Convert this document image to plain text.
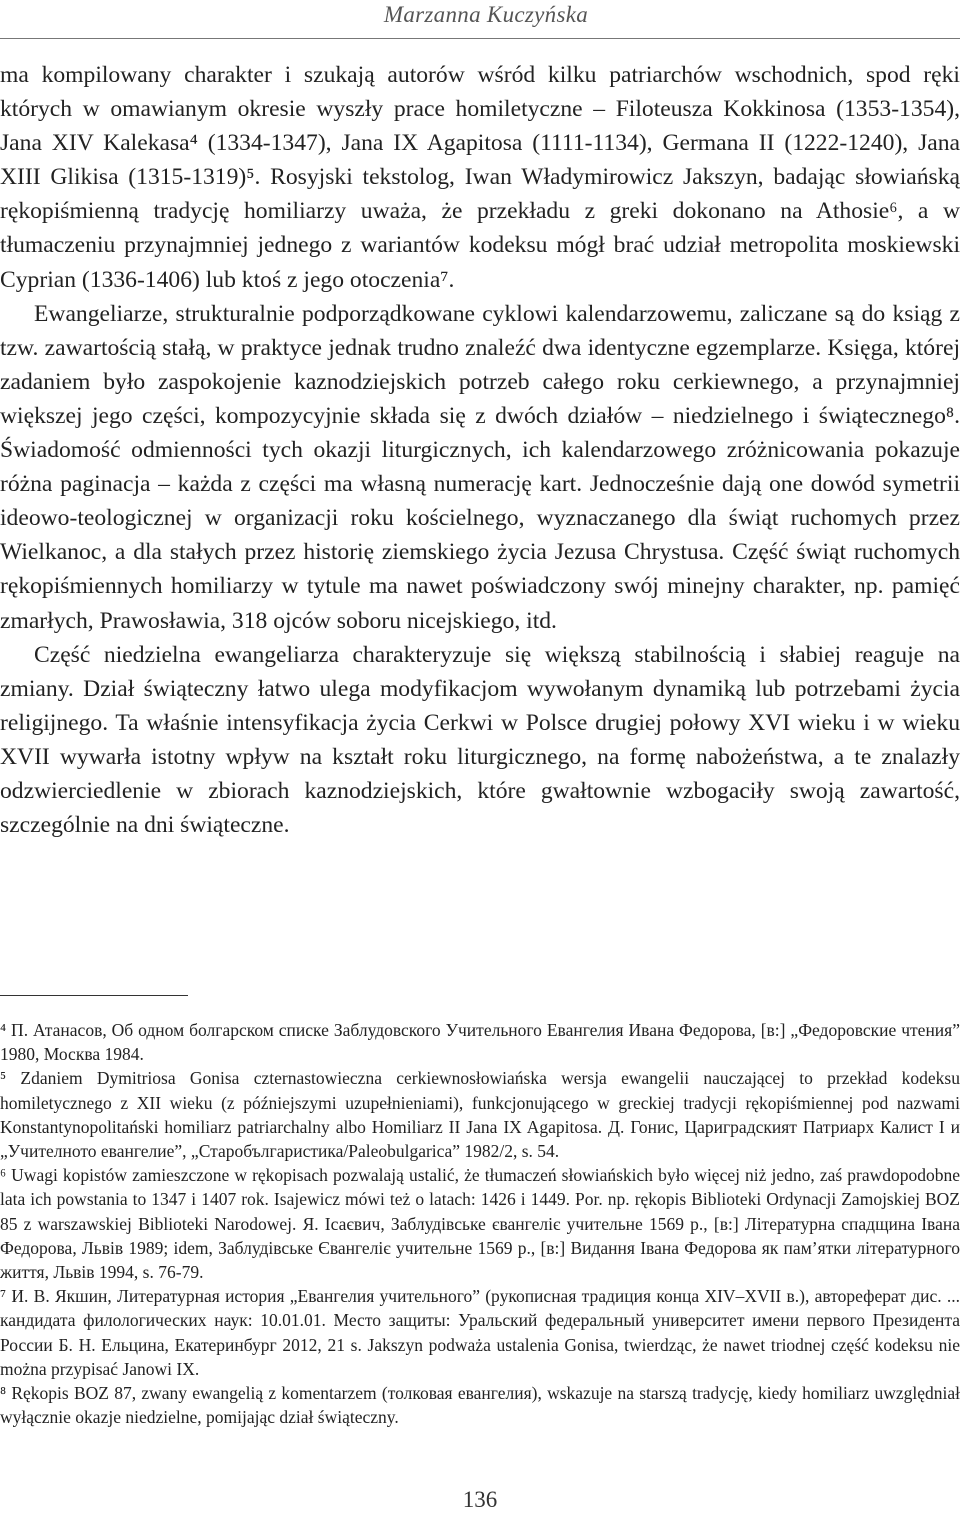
Marzanna Kuczyńska

ma kompilowany charakter i szukają autorów wśród kilku patriarchów wschodnich, spod ręki których w omawianym okresie wyszły prace homiletyczne – Filoteusza Kokkinosa (1353-1354), Jana XIV Kalekasa⁴ (1334-1347), Jana IX Agapitosa (1111-1134), Germana II (1222-1240), Jana XIII Glikisa (1315-1319)⁵. Rosyjski tekstolog, Iwan Władymirowicz Jakszyn, badając słowiańską rękopiśmienną tradycję homiliarzy uważa, że przekładu z greki dokonano na Athosie⁶, a w tłumaczeniu przynajmniej jednego z wariantów kodeksu mógł brać udział metropolita moskiewski Cyprian (1336-1406) lub ktoś z jego otoczenia⁷.

Ewangeliarze, strukturalnie podporządkowane cyklowi kalendarzowemu, zaliczane są do ksiąg z tzw. zawartością stałą, w praktyce jednak trudno znaleźć dwa identyczne egzemplarze. Księga, której zadaniem było zaspokojenie kaznodziejskich potrzeb całego roku cerkiewnego, a przynajmniej większej jego części, kompozycyjnie składa się z dwóch działów – niedzielnego i świątecznego⁸. Świadomość odmienności tych okazji liturgicznych, ich kalendarzowego zróżnicowania pokazuje różna paginacja – każda z części ma własną numerację kart. Jednocześnie dają one dowód symetrii ideowo-teologicznej w organizacji roku kościelnego, wyznaczanego dla świąt ruchomych przez Wielkanoc, a dla stałych przez historię ziemskiego życia Jezusa Chrystusa. Część świąt ruchomych rękopiśmiennych homiliarzy w tytule ma nawet poświadczony swój minejny charakter, np. pamięć zmarłych, Prawosławia, 318 ojców soboru nicejskiego, itd.

Część niedzielna ewangeliarza charakteryzuje się większą stabilnością i słabiej reaguje na zmiany. Dział świąteczny łatwo ulega modyfikacjom wywołanym dynamiką lub potrzebami życia religijnego. Ta właśnie intensyfikacja życia Cerkwi w Polsce drugiej połowy XVI wieku i w wieku XVII wywarła istotny wpływ na kształt roku liturgicznego, na formę nabożeństwa, a te znalazły odzwierciedlenie w zbiorach kaznodziejskich, które gwałtownie wzbogaciły swoją zawartość, szczególnie na dni świąteczne.

⁴ П. Атанасов, Об одном болгарском списке Заблудовского Учительного Евангелия Ивана Федорова, [в:] „Федоровские чтения” 1980, Москва 1984.

⁵ Zdaniem Dymitriosa Gonisa czternastowieczna cerkiewnosłowiańska wersja ewangelii nauczającej to przekład kodeksu homiletycznego z XII wieku (z późniejszymi uzupełnieniami), funkcjonującego w greckiej tradycji rękopiśmiennej pod nazwami Konstantynopolitański homiliarz patriarchalny albo Homiliarz II Jana IX Agapitosa. Д. Гонис, Цариградският Патриарх Калист I и „Учителното евангелие”, „Старобългаристика/Paleobulgarica” 1982/2, s. 54.

⁶ Uwagi kopistów zamieszczone w rękopisach pozwalają ustalić, że tłumaczeń słowiańskich było więcej niż jedno, zaś prawdopodobne lata ich powstania to 1347 i 1407 rok. Isajewicz mówi też o latach: 1426 i 1449. Por. np. rękopis Biblioteki Ordynacji Zamojskiej BOZ 85 z warszawskiej Biblioteki Narodowej. Я. Ісаєвич, Заблудівське євангеліє учительне 1569 р., [в:] Літературна спадщина Івана Федорова, Львів 1989; idem, Заблудівське Євангеліє учительне 1569 р., [в:] Видання Івана Федорова як пам’ятки літературного життя, Львів 1994, s. 76-79.

⁷ И. В. Якшин, Литературная история „Евангелия учительного” (рукописная традиция конца XIV–XVII в.), автореферат дис. ... кандидата филологических наук: 10.01.01. Место защиты: Уральский федеральный университет имени первого Президента России Б. Н. Ельцина, Екатеринбург 2012, 21 s. Jakszyn podważa ustalenia Gonisa, twierdząc, że nawet triodnej część kodeksu nie można przypisać Janowi IX.

⁸ Rękopis BOZ 87, zwany ewangelią z komentarzem (толковая евангелия), wskazuje na starszą tradycję, kiedy homiliarz uwzględniał wyłącznie okazje niedzielne, pomijając dział świąteczny.

136
